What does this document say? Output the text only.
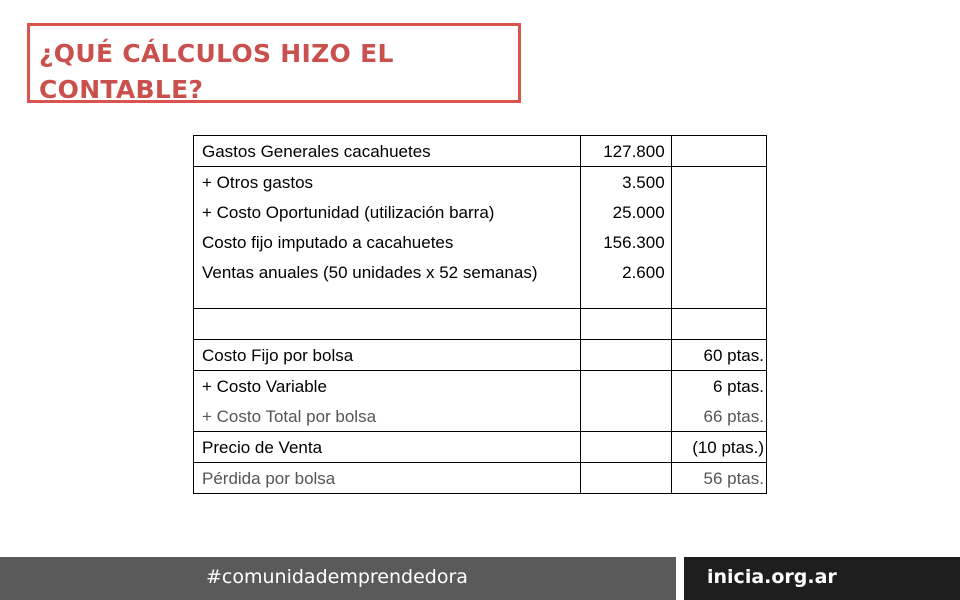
¿QUÉ CÁLCULOS HIZO EL
CONTABLE?
Gastos Generales cacahuetes	127.800	
+ Otros gastos	3.500	
+ Costo Oportunidad (utilización barra)	25.000	
Costo fijo imputado a cacahuetes	156.300	
Ventas anuales (50 unidades x 52 semanas)	2.600	

Costo Fijo por bolsa		60 ptas.
+ Costo Variable		6 ptas.
+ Costo Total por bolsa		66 ptas.
Precio de Venta		(10 ptas.)
Pérdida por bolsa		56 ptas.
#comunidademprendedora	inicia.org.ar
